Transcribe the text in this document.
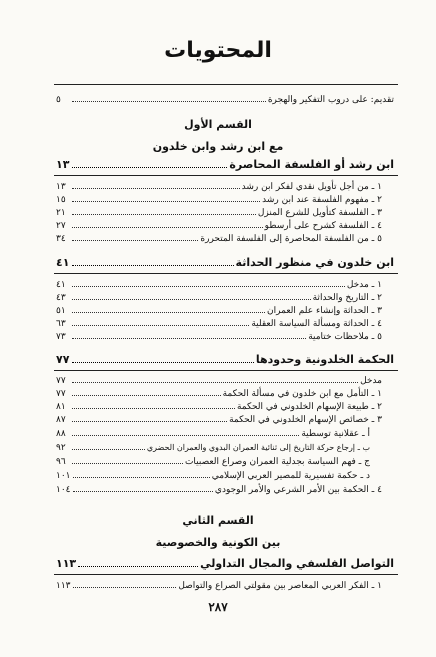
المحتويات
تقديم: على دروب التفكير والهجرة
٥
القسم الأول
مع ابن رشد وابن خلدون
ابن رشد أو الفلسفة المحاصرة
١٣
١ ـ من أجل تأويل نقدي لفكر ابن رشد
١٣
٢ ـ مفهوم الفلسفة عند ابن رشد
١٥
٣ ـ الفلسفة كتأويل للشرع المنزل
٢١
٤ ـ الفلسفة كشرح على أرسطو
٢٧
٥ ـ من الفلسفة المحاصرة إلى الفلسفة المتحررة
٣٤
ابن خلدون في منظور الحداثة
٤١
١ ـ مدخل
٤١
٢ ـ التاريخ والحداثة
٤٣
٣ ـ الحداثة وإنشاء علم العمران
٥١
٤ ـ الحداثة ومسألة السياسة العقلية
٦٣
٥ ـ ملاحظات ختامية
٧٣
الحكمة الخلدونية وحدودها
٧٧
مدخل
٧٧
١ ـ التأمل مع ابن خلدون في مسألة الحكمة
٧٧
٢ ـ طبيعة الإسهام الخلدوني في الحكمة
٨١
٣ ـ خصائص الإسهام الخلدوني في الحكمة
٨٧
أ ـ عقلانية توسطية
٨٨
ب ـ إرجاع حركة التاريخ إلى ثنائية العمران البدوي والعمران الحضري
٩٢
ج ـ فهم السياسة بجدلية العمران وصراع العصبيات
٩٦
د ـ حكمة تفسيرية للمصير العربي الإسلامي
١٠١
٤ ـ الحكمة بين الأمر الشرعي والأمر الوجودي
١٠٤
القسم الثاني
بين الكونية والخصوصية
التواصل الفلسفي والمجال التداولي
١١٣
١ ـ الفكر العربي المعاصر بين مقولتي الصراع والتواصل
١١٣
٢٨٧
